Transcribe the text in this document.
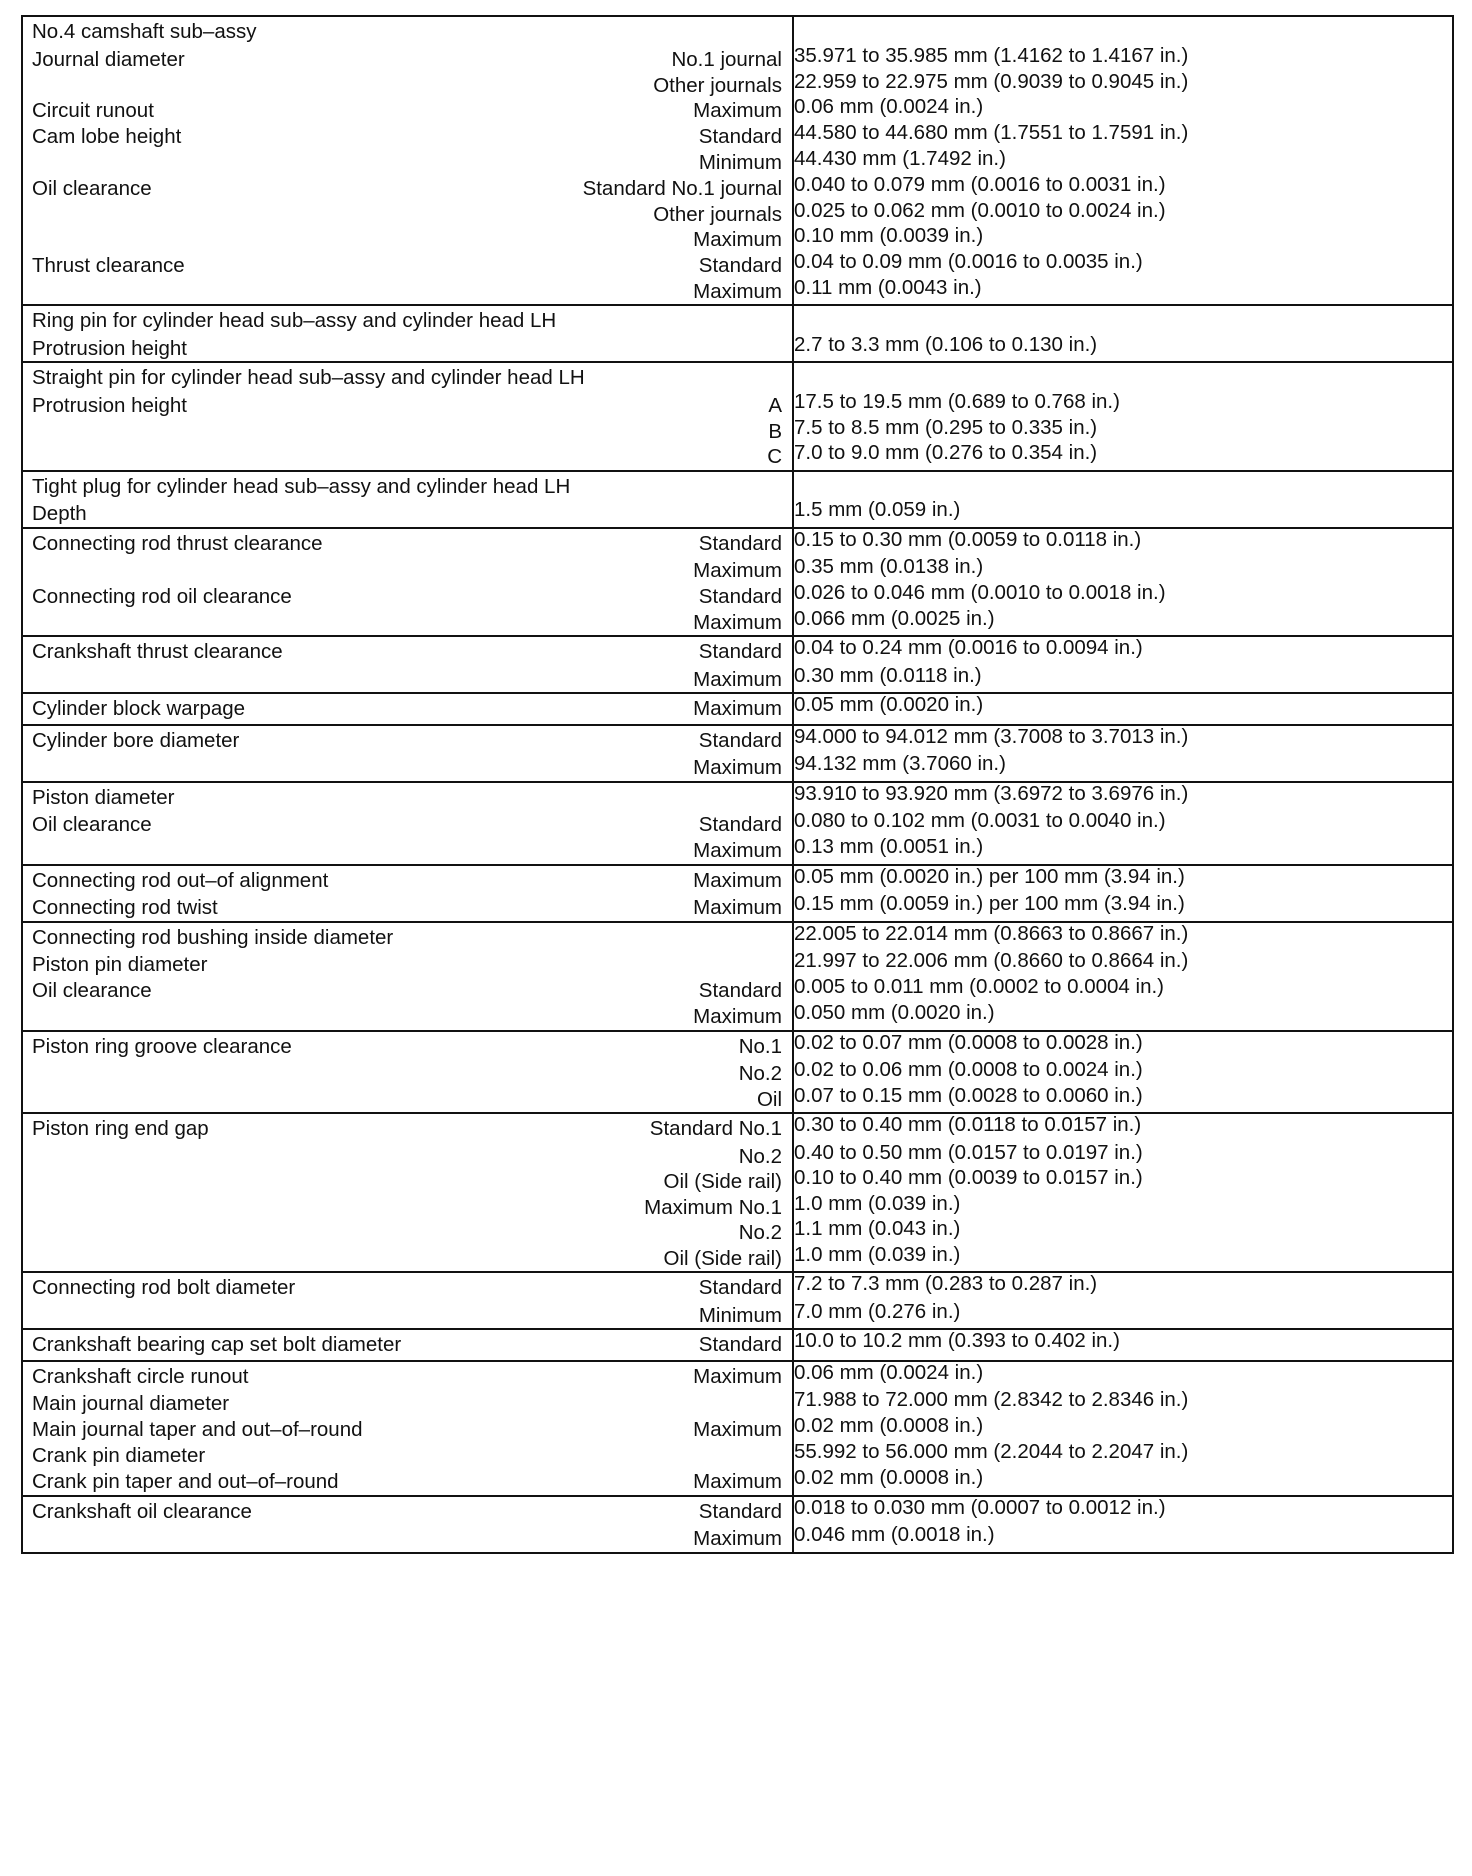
No.4 camshaft sub–assy	

Journal diameter No.1 journal	35.971 to 35.985 mm (1.4162 to 1.4167 in.)

Other journals	22.959 to 22.975 mm (0.9039 to 0.9045 in.)

Circuit runout Maximum	0.06 mm (0.0024 in.)

Cam lobe height Standard	44.580 to 44.680 mm (1.7551 to 1.7591 in.)

Minimum	44.430 mm (1.7492 in.)

Oil clearance Standard No.1 journal	0.040 to 0.079 mm (0.0016 to 0.0031 in.)

Other journals	0.025 to 0.062 mm (0.0010 to 0.0024 in.)

Maximum	0.10 mm (0.0039 in.)

Thrust clearance Standard	0.04 to 0.09 mm (0.0016 to 0.0035 in.)

Maximum	0.11 mm (0.0043 in.)

Ring pin for cylinder head sub–assy and cylinder head LH	

Protrusion height	2.7 to 3.3 mm (0.106 to 0.130 in.)

Straight pin for cylinder head sub–assy and cylinder head LH	

Protrusion height A	17.5 to 19.5 mm (0.689 to 0.768 in.)

B	7.5 to 8.5 mm (0.295 to 0.335 in.)

C	7.0 to 9.0 mm (0.276 to 0.354 in.)

Tight plug for cylinder head sub–assy and cylinder head LH	

Depth	1.5 mm (0.059 in.)

Connecting rod thrust clearance Standard	0.15 to 0.30 mm (0.0059 to 0.0118 in.)

Maximum	0.35 mm (0.0138 in.)

Connecting rod oil clearance Standard	0.026 to 0.046 mm (0.0010 to 0.0018 in.)

Maximum	0.066 mm (0.0025 in.)

Crankshaft thrust clearance Standard	0.04 to 0.24 mm (0.0016 to 0.0094 in.)

Maximum	0.30 mm (0.0118 in.)

Cylinder block warpage Maximum	0.05 mm (0.0020 in.)

Cylinder bore diameter Standard	94.000 to 94.012 mm (3.7008 to 3.7013 in.)

Maximum	94.132 mm (3.7060 in.)

Piston diameter	93.910 to 93.920 mm (3.6972 to 3.6976 in.)

Oil clearance Standard	0.080 to 0.102 mm (0.0031 to 0.0040 in.)

Maximum	0.13 mm (0.0051 in.)

Connecting rod out–of alignment Maximum	0.05 mm (0.0020 in.) per 100 mm (3.94 in.)

Connecting rod twist Maximum	0.15 mm (0.0059 in.) per 100 mm (3.94 in.)

Connecting rod bushing inside diameter	22.005 to 22.014 mm (0.8663 to 0.8667 in.)

Piston pin diameter	21.997 to 22.006 mm (0.8660 to 0.8664 in.)

Oil clearance Standard	0.005 to 0.011 mm (0.0002 to 0.0004 in.)

Maximum	0.050 mm (0.0020 in.)

Piston ring groove clearance No.1	0.02 to 0.07 mm (0.0008 to 0.0028 in.)

No.2	0.02 to 0.06 mm (0.0008 to 0.0024 in.)

Oil	0.07 to 0.15 mm (0.0028 to 0.0060 in.)

Piston ring end gap Standard No.1	0.30 to 0.40 mm (0.0118 to 0.0157 in.)

No.2	0.40 to 0.50 mm (0.0157 to 0.0197 in.)

Oil (Side rail)	0.10 to 0.40 mm (0.0039 to 0.0157 in.)

Maximum No.1	1.0 mm (0.039 in.)

No.2	1.1 mm (0.043 in.)

Oil (Side rail)	1.0 mm (0.039 in.)

Connecting rod bolt diameter Standard	7.2 to 7.3 mm (0.283 to 0.287 in.)

Minimum	7.0 mm (0.276 in.)

Crankshaft bearing cap set bolt diameter Standard	10.0 to 10.2 mm (0.393 to 0.402 in.)

Crankshaft circle runout Maximum	0.06 mm (0.0024 in.)

Main journal diameter	71.988 to 72.000 mm (2.8342 to 2.8346 in.)

Main journal taper and out–of–round Maximum	0.02 mm (0.0008 in.)

Crank pin diameter	55.992 to 56.000 mm (2.2044 to 2.2047 in.)

Crank pin taper and out–of–round Maximum	0.02 mm (0.0008 in.)

Crankshaft oil clearance Standard	0.018 to 0.030 mm (0.0007 to 0.0012 in.)

Maximum	0.046 mm (0.0018 in.)
